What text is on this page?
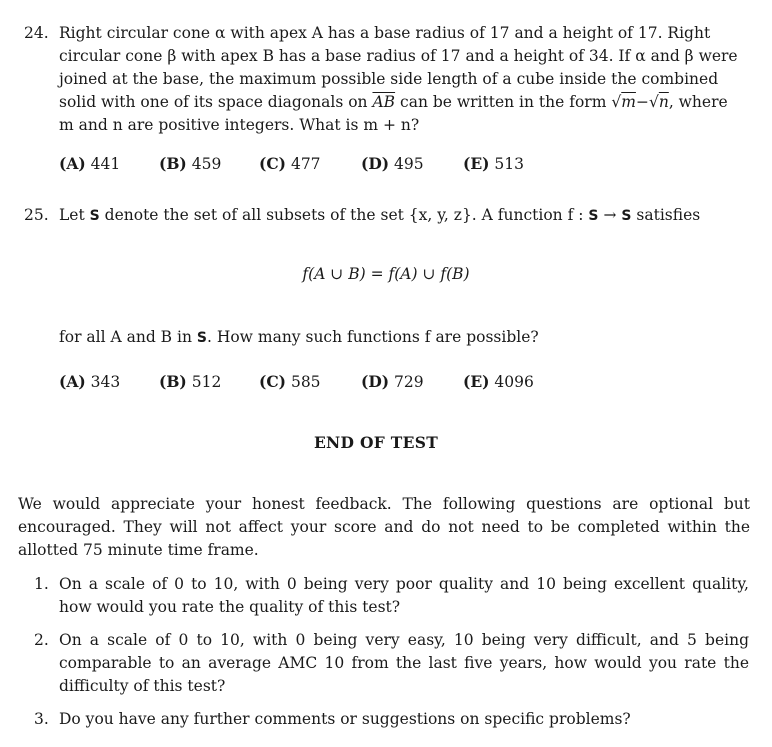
24. Right circular cone α with apex A has a base radius of 17 and a height of 17. Right
circular cone β with apex B has a base radius of 17 and a height of 34. If α and β were
joined at the base, the maximum possible side length of a cube inside the combined
solid with one of its space diagonals on $\overline{AB}$ can be written in the form √m−√n, where
m and n are positive integers. What is m + n?
(A) 441	(B) 459	(C) 477	(D) 495	(E) 513
25. Let S denote the set of all subsets of the set {x, y, z}. A function f : S → S satisfies
f(A ∪ B) = f(A) ∪ f(B)
for all A and B in S. How many such functions f are possible?
(A) 343	(B) 512	(C) 585	(D) 729	(E) 4096
END OF TEST
We would appreciate your honest feedback. The following questions are optional but encouraged. They will not affect your score and do not need to be completed within the allotted 75 minute time frame.
1. On a scale of 0 to 10, with 0 being very poor quality and 10 being excellent quality, how would you rate the quality of this test?
2. On a scale of 0 to 10, with 0 being very easy, 10 being very difficult, and 5 being comparable to an average AMC 10 from the last five years, how would you rate the difficulty of this test?
3. Do you have any further comments or suggestions on specific problems?
